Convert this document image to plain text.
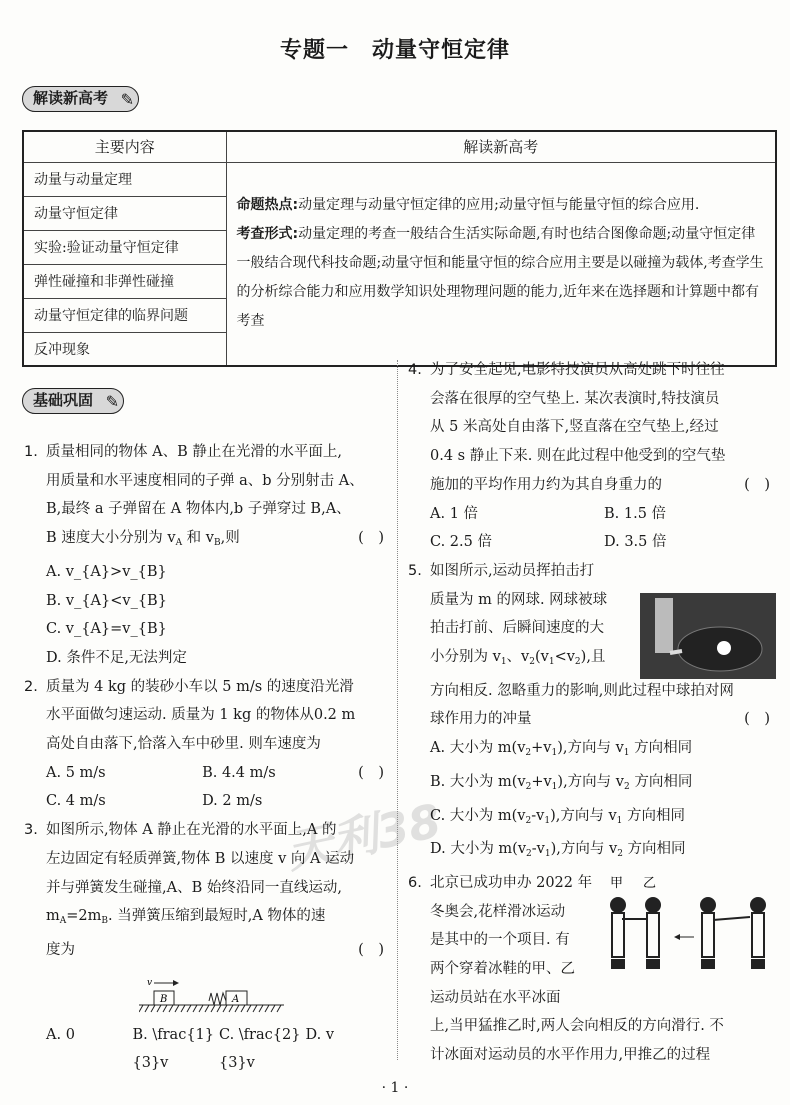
专题一　动量守恒定律
解读新高考 ✎
主要内容	解读新高考
动量与动量定理	命题热点:动量定理与动量守恒定律的应用;动量守恒与能量守恒的综合应用.
考查形式:动量定理的考查一般结合生活实际命题,有时也结合图像命题;动量守恒定律一般结合现代科技命题;动量守恒和能量守恒的综合应用主要是以碰撞为载体,考查学生的分析综合能力和应用数学知识处理物理问题的能力,近年来在选择题和计算题中都有考查
动量守恒定律	
实验:验证动量守恒定律	
弹性碰撞和非弹性碰撞	
动量守恒定律的临界问题	
反冲现象	
基础巩固 ✎
天利38
1. 质量相同的物体 A、B 静止在光滑的水平面上,
用质量和水平速度相同的子弹 a、b 分别射击 A、
B,最终 a 子弹留在 A 物体内,b 子弹穿过 B,A、
B 速度大小分别为 $v_A$ 和 $v_B$,则	(　)
A. v_{A}>v_{B}
B. v_{A}<v_{B}
C. v_{A}=v_{B}
D. 条件不足,无法判定
2. 质量为 4 kg 的装砂小车以 5 m/s 的速度沿光滑
水平面做匀速运动. 质量为 1 kg 的物体从0.2 m
高处自由落下,恰落入车中砂里. 则车速度为
(　)
A. 5 m/s	B. 4.4 m/s
C. 4 m/s	D. 2 m/s
3. 如图所示,物体 A 静止在光滑的水平面上,A 的
左边固定有轻质弹簧,物体 B 以速度 v 向 A 运动
并与弹簧发生碰撞,A、B 始终沿同一直线运动,
$m_A=2m_B$. 当弹簧压缩到最短时,A 物体的速
度为	(　)
v
B	A
A. 0	B. \frac{1}{3}v
C. \frac{2}{3}v
D. v
4. 为了安全起见,电影特技演员从高处跳下时往往
会落在很厚的空气垫上. 某次表演时,特技演员
从 5 米高处自由落下,竖直落在空气垫上,经过
0.4 s 静止下来. 则在此过程中他受到的空气垫
施加的平均作用力约为其自身重力的	(　)
A. 1 倍	B. 1.5 倍
C. 2.5 倍	D. 3.5 倍
5. 如图所示,运动员挥拍击打
质量为 m 的网球. 网球被球
拍击打前、后瞬间速度的大
小分别为 $v_1$、$v_2(v_1<v_2)$,且
方向相反. 忽略重力的影响,则此过程中球拍对网
球作用力的冲量	(　)
A. 大小为 $m(v_2+v_1)$,方向与 $v_1$ 方向相同
B. 大小为 $m(v_2+v_1)$,方向与 $v_2$ 方向相同
C. 大小为 $m(v_2-v_1)$,方向与 $v_1$ 方向相同
D. 大小为 $m(v_2-v_1)$,方向与 $v_2$ 方向相同
6. 北京已成功申办 2022 年
冬奥会,花样滑冰运动
是其中的一个项目. 有
两个穿着冰鞋的甲、乙
运动员站在水平冰面
上,当甲猛推乙时,两人会向相反的方向滑行. 不
计冰面对运动员的水平作用力,甲推乙的过程
甲 乙
· 1 ·
